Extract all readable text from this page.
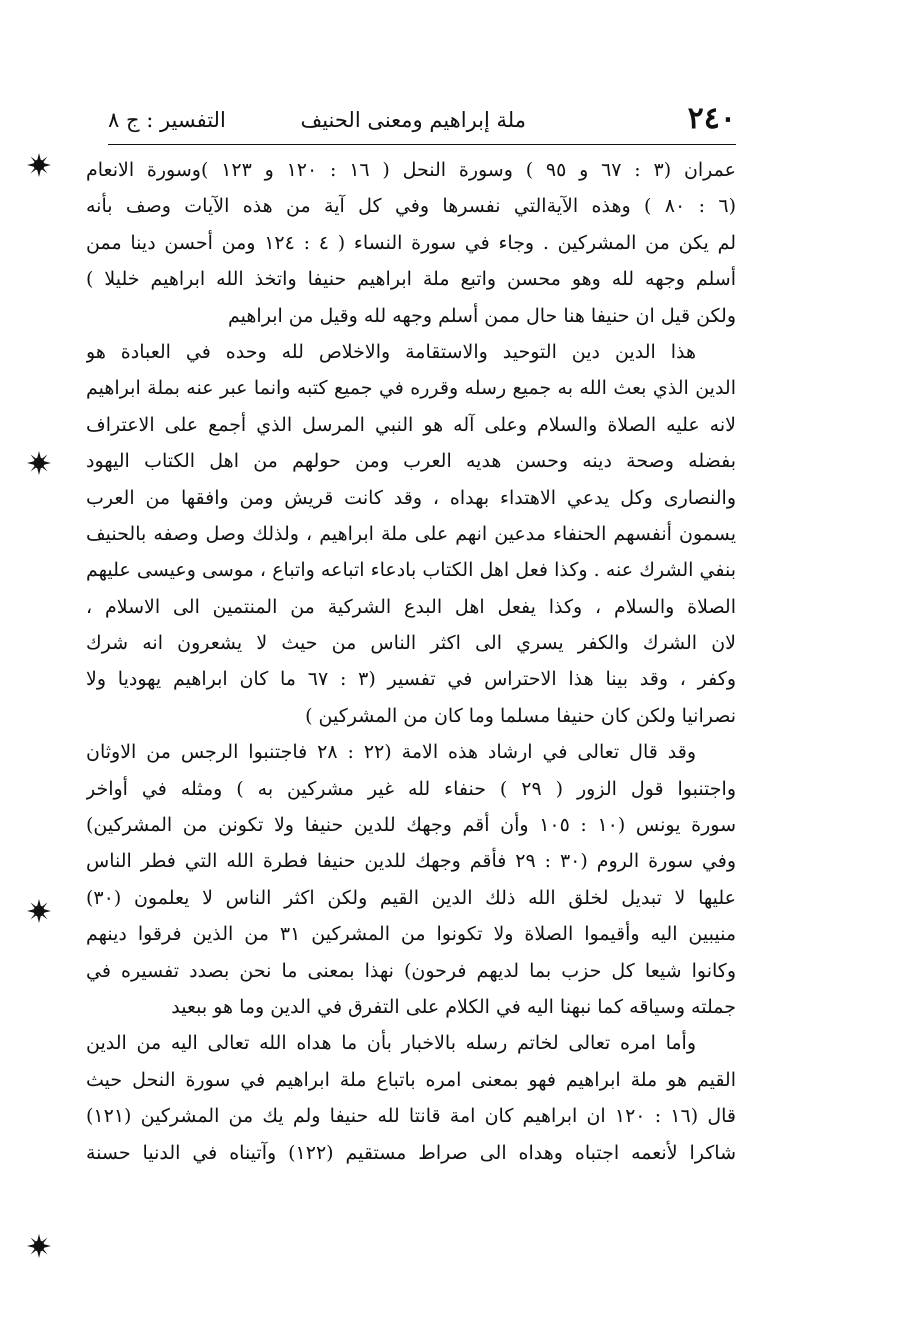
٢٤٠
ملة إبراهيم ومعنى الحنيف
التفسير : ج ٨
عمران (٣ : ٦٧ و ٩٥ ) وسورة النحل ( ١٦ : ١٢٠ و ١٢٣ )وسورة الانعام
(٦ : ٨٠ ) وهذه الآيةالتي نفسرها وفي كل آية من هذه الآيات وصف بأنه
لم يكن من المشركين . وجاء في سورة النساء ( ٤ : ١٢٤ ومن أحسن دينا ممن
أسلم وجهه لله وهو محسن واتبع ملة ابراهيم حنيفا واتخذ الله ابراهيم خليلا )
ولكن قيل ان حنيفا هنا حال ممن أسلم وجهه لله وقيل من ابراهيم
هذا الدين دين التوحيد والاستقامة والاخلاص لله وحده في العبادة هو
الدين الذي بعث الله به جميع رسله وقرره في جميع كتبه وانما عبر عنه بملة ابراهيم
لانه عليه الصلاة والسلام وعلى آله هو النبي المرسل الذي أجمع على الاعتراف
بفضله وصحة دينه وحسن هديه العرب ومن حولهم من اهل الكتاب اليهود
والنصارى وكل يدعي الاهتداء بهداه ، وقد كانت قريش ومن وافقها من العرب
يسمون أنفسهم الحنفاء مدعين انهم على ملة ابراهيم ، ولذلك وصل وصفه بالحنيف
بنفي الشرك عنه . وكذا فعل اهل الكتاب بادعاء اتباعه واتباع ، موسى وعيسى عليهم
الصلاة والسلام ، وكذا يفعل اهل البدع الشركية من المنتمين الى الاسلام ،
لان الشرك والكفر يسري الى اكثر الناس من حيث لا يشعرون انه شرك
وكفر ، وقد بينا هذا الاحتراس في تفسير (٣ : ٦٧ ما كان ابراهيم يهوديا ولا
نصرانيا ولكن كان حنيفا مسلما وما كان من المشركين )
وقد قال تعالى في ارشاد هذه الامة (٢٢ : ٢٨ فاجتنبوا الرجس من الاوثان
واجتنبوا قول الزور ( ٢٩ ) حنفاء لله غير مشركين به ) ومثله في أواخر
سورة يونس (١٠ : ١٠٥ وأن أقم وجهك للدين حنيفا ولا تكونن من المشركين)
وفي سورة الروم (٣٠ : ٢٩ فأقم وجهك للدين حنيفا فطرة الله التي فطر الناس
عليها لا تبديل لخلق الله ذلك الدين القيم ولكن اكثر الناس لا يعلمون (٣٠)
منيبين اليه وأقيموا الصلاة ولا تكونوا من المشركين ٣١ من الذين فرقوا دينهم
وكانوا شيعا كل حزب بما لديهم فرحون) نهذا بمعنى ما نحن بصدد تفسيره في
جملته وسياقه كما نبهنا اليه في الكلام على التفرق في الدين وما هو ببعيد
وأما امره تعالى لخاتم رسله بالاخبار بأن ما هداه الله تعالى اليه من الدين
القيم هو ملة ابراهيم فهو بمعنى امره باتباع ملة ابراهيم في سورة النحل حيث
قال (١٦ : ١٢٠ ان ابراهيم كان امة قانتا لله حنيفا ولم يك من المشركين (١٢١)
شاكرا لأنعمه اجتباه وهداه الى صراط مستقيم (١٢٢) وآتيناه في الدنيا حسنة
